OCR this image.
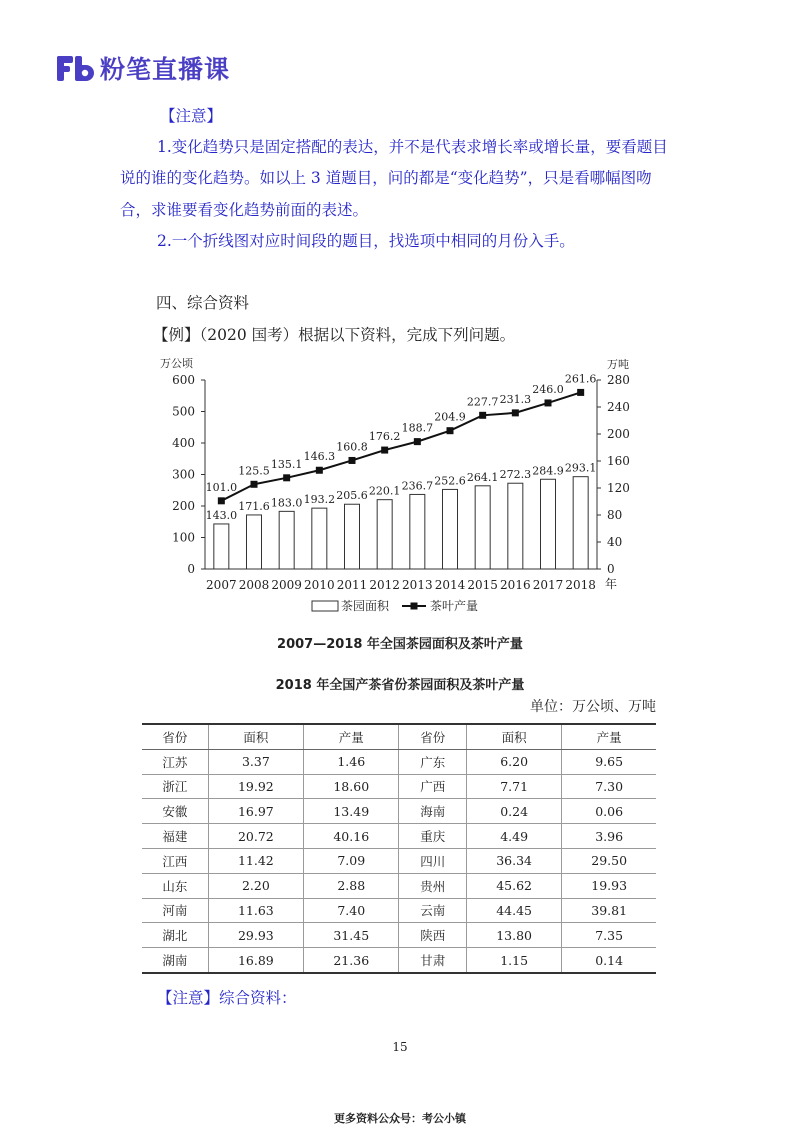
粉笔直播课
【注意】
1.变化趋势只是固定搭配的表达，并不是代表求增长率或增长量，要看题目
说的谁的变化趋势。如以上 3 道题目，问的都是“变化趋势”，只是看哪幅图吻
合，求谁要看变化趋势前面的表述。
2.一个折线图对应时间段的题目，找选项中相同的月份入手。
四、综合资料
【例】（2020 国考）根据以下资料，完成下列问题。
0
100
200
300
400
500
600
万公顷
0
40
80
120
160
200
240
280
万吨
143.0
171.6 183.0 193.2 205.6 220.1 236.7 252.6 264.1 272.3 284.9 293.1
101.0
125.5 135.1
146.3
160.8
176.2
188.7
204.9
227.7 231.3
246.0
261.6
2007 2008 2009 2010 2011 2012 2013 2014 2015 2016 2017 2018 年
茶园面积	茶叶产量
2007—2018 年全国茶园面积及茶叶产量
2018 年全国产茶省份茶园面积及茶叶产量
单位：万公顷、万吨
省份	面积	产量	省份	面积	产量
江苏	3.37	1.46	广东	6.20	9.65
浙江	19.92	18.60	广西	7.71	7.30
安徽	16.97	13.49	海南	0.24	0.06
福建	20.72	40.16	重庆	4.49	3.96
江西	11.42	7.09	四川	36.34	29.50
山东	2.20	2.88	贵州	45.62	19.93
河南	11.63	7.40	云南	44.45	39.81
湖北	29.93	31.45	陕西	13.80	7.35
湖南	16.89	21.36	甘肃	1.15	0.14
【注意】综合资料：
15
更多资料公众号：考公小镇
